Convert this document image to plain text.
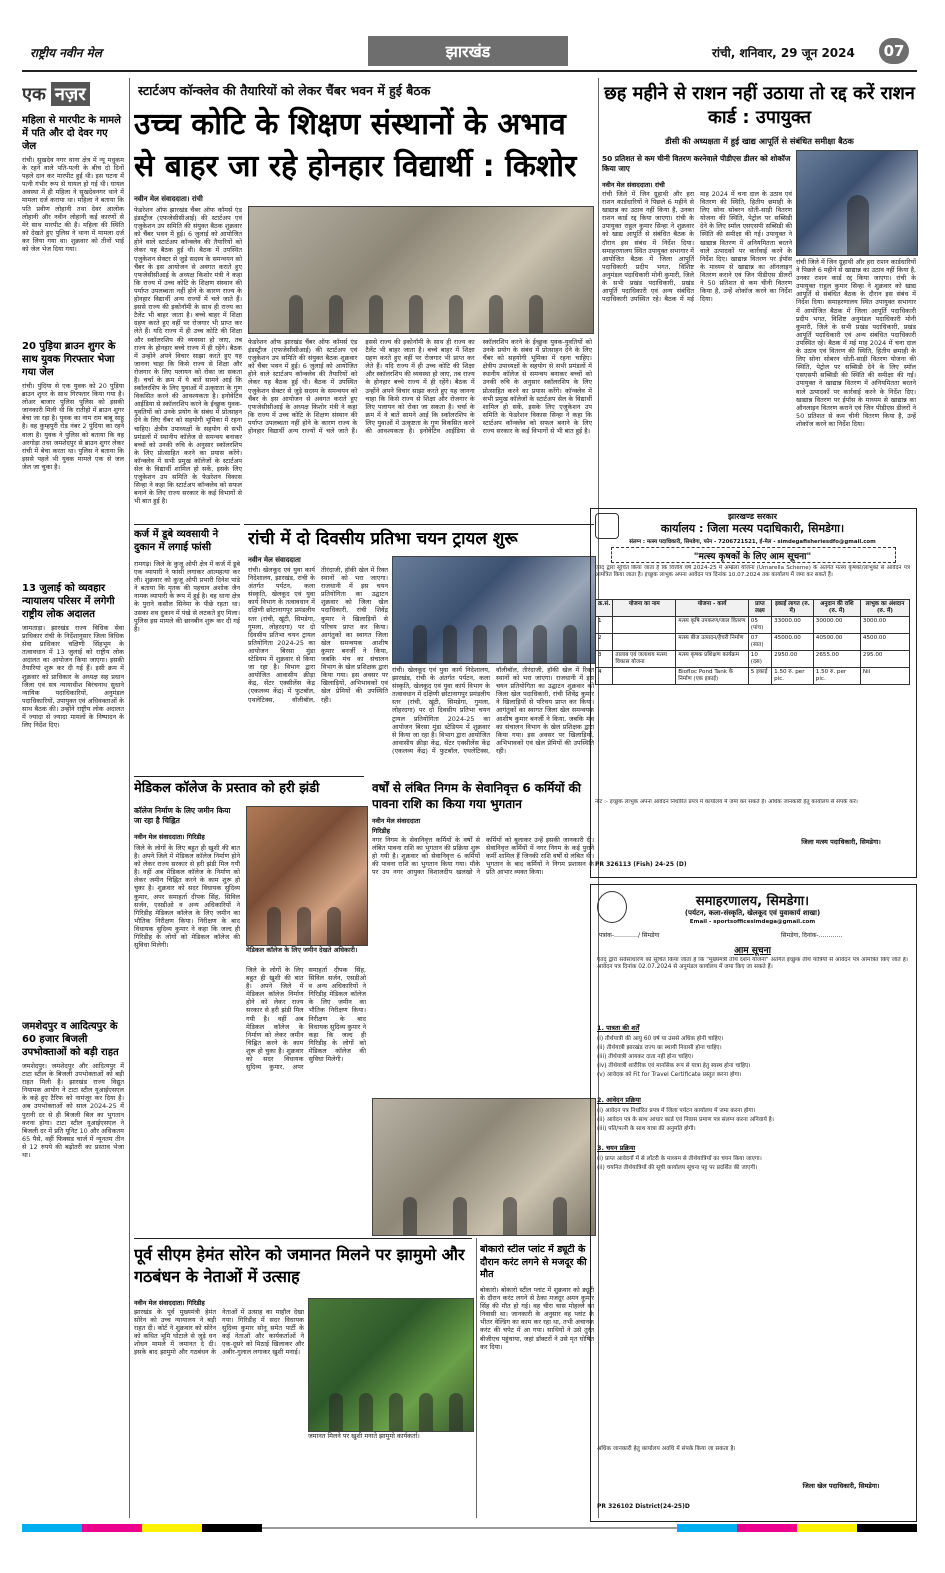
राष्ट्रीय नवीन मेल	झारखंड	रांची, शनिवार, 29 जून 2024	07
एक नज़र
महिला से मारपीट के मामले में पति और दो देवर गए जेल
रांची। सुखदेव नगर थाना क्षेत्र में न्यू मधुकम के रहने वाले पति-पत्नी के बीच दो दिनों पहले दान कर मारपीट हुई थी। इस घटना में पत्नी गंभीर रूप से घायल हो गई थी। घायल अवस्था में ही महिला ने सुखदेवनगर थाने में मामला दर्ज कराया था। महिला ने बताया कि पति प्रवीण लोहानी तथा देवर आलोक लोहानी और नवीन लोहानी कई कारणों से मेरे साथ मारपीट की है। महिला की स्थिति को देखते हुए पुलिस ने थाना में मामला दर्ज कर लिया गया था। शुक्रवार को तीनों भाई को जेल भेज दिया गया।
20 पुड़िया ब्राउन शुगर के साथ युवक गिरफ्तार भेजा गया जेल
रांची। पुंदिया से एक युवक को 20 पुड़िया ब्राउन शुगर के साथ गिरफ्तार किया गया है। लोअर बाजार पुलिस पुलिस को इसकी जानकारी मिली थी कि रातीहो में ब्राउन शुगर बेचा जा रहा है। युवक का नाम राम बाबू साहू है। वह कुम्हपुरी रोड नंबर 2 पुंदिया का रहने वाला है। युवक ने पुलिस को बताया कि वह अरगोड़ा तथा जमशेदपुर से ब्राउन शुगर लेकर रांची में बेचा करता था। पुलिस ने बताया कि इससे पहले भी युवक मामले एक से जल जेल जा चुका है।
13 जुलाई को व्यवहार न्यायालय परिसर में लगेगी राष्ट्रीय लोक अदालत
जामताड़ा। झारखंड राज्य विधिक सेवा प्राधिकार रांची के निर्देशानुसार जिला विधिक सेवा प्राधिकार चक्षिणी सिंहभूम के तत्वावधान में 13 जुलाई को राष्ट्रीय लोक अदालत का आयोजन किया जाएगा। इसकी तैयारियां शुरू कर दी गई हैं। इसी क्रम में शुक्रवार को प्राधिकार के अध्यक्ष सह प्रधान जिला एवं सत्र न्यायाधीश बिरंचनाथ सुधाने न्यायिक पदाधिकारियों, अनुमंडल पदाधिकारियों, उपायुक्त एवं अधिवक्ताओं के साथ बैठक की। उन्होंने राष्ट्रीय लोक अदालत में ज्यादा से ज्यादा मामलों के निष्पादन के लिए निर्देश दिए।
जमशेदपुर व आदित्यपुर के 60 हजार बिजली उपभोक्ताओं को बड़ी राहत
जमशेदपुर। जमशेदपुर और आदित्यपुर में टाटा स्टील के बिजली उपभोक्ताओं को बड़ी राहत मिली है। झारखंड राज्य विद्युत नियामक आयोग ने टाटा स्टील यूआईएसएल के कहे हुए टैरिफ को नामंजूर कर दिया है। अब उपभोक्ताओं को साल 2024-25 में पुरानी दर से ही बिजली बिल का भुगतान करना होगा। टाटा स्टील यूआईएसएल ने बिजली दर में प्रति यूनिट 10 और अधिकतम 65 पैसे, वहीं फिक्सड चार्ज में न्यूनतम तीन से 12 रुपये की बढ़ोतरी का प्रस्ताव भेजा था।
स्टार्टअप कॉन्क्लेव की तैयारियों को लेकर चैंबर भवन में हुई बैठक
उच्च कोटि के शिक्षण संस्थानों के अभाव से बाहर जा रहे होनहार विद्यार्थी : किशोर
नवीन मेल संवाददाता। रांची
फेडरेशन ऑफ झारखंड चैंबर ऑफ कॉमर्स एंड इंडस्ट्रीज (एफजेसीसीआई) की स्टार्टअप एवं एजुकेशन उप समिति की संयुक्त बैठक शुक्रवार को चैंबर भवन में हुई। 6 जुलाई को आयोजित होने वाले स्टार्टअप कॉन्क्लेव की तैयारियों को लेकर यह बैठक हुई थी। बैठक में उपस्थित एजुकेशन सेक्टर से जुड़े सदस्य के समन्वयन को चैंबर के इस आयोजन से अवगत कराते हुए एफजेसीसीआई के अध्यक्ष किशोर मंत्री ने कहा कि राज्य में उच्च कोटि के शिक्षण संस्थान की पर्याप्त उपलब्धता नहीं होने के कारण राज्य के होनहार विद्यार्थी अन्य राज्यों में चले जाते हैं। इससे राज्य की इकोनॉमी के साथ ही राज्य का टैलेंट भी बाहर जाता है। बच्चे बाहर में शिक्षा ग्रहण करते हुए वहीं पर रोजगार भी प्राप्त कर लेते हैं। यदि राज्य में ही उच्च कोटि की शिक्षा और स्कॉलरशिप की व्यवस्था हो जाए, तब राज्य के होनहार बच्चे राज्य में ही रहेंगे। बैठक में उन्होंने अपने विचार साझा करते हुए यह जानना चाहा कि किसे राज्य से शिक्षा और रोजगार के लिए पलायन को रोका जा सकता है। चर्चा के क्रम में ये बातें सामने आई कि स्कॉलरशिप के लिए युवाओं में उत्कृष्टता के गुण विकसित करने की आवश्यकता है। इनोवेटिव आईडिया से स्कॉलरशिप करने के ईच्छुक युवक-युवतियों को उनके प्रयोग के संबंध में प्रोत्साहन देने के लिए चैंबर को सहयोगी भूमिका में रहना चाहिए। क्षेत्रीय उपाध्यक्षों के सहयोग से सभी प्रमंडलों में स्थानीय कॉलेज से समन्वय बनाकर बच्चों को उनकी रुचि के अनुसार स्कॉलरशिप के लिए प्रोत्साहित करने का प्रयास करेंगे। कॉन्क्लेव में सभी प्रमुख कॉलेजों के स्टार्टअप सेल के विद्यार्थी शामिल हो सकें, इसके लिए एजुकेशन उप समिति के फेडरेशन विकास सिन्हा ने कहा कि स्टार्टअप कॉन्क्लेव को सफल बनाने के लिए राज्य सरकार के कई विभागों से भी बात हुई है।
फेडरेशन ऑफ झारखंड चैंबर ऑफ कॉमर्स एंड इंडस्ट्रीज (एफजेसीसीआई) की स्टार्टअप एवं एजुकेशन उप समिति की संयुक्त बैठक शुक्रवार को चैंबर भवन में हुई। 6 जुलाई को आयोजित होने वाले स्टार्टअप कॉन्क्लेव की तैयारियों को लेकर यह बैठक हुई थी। बैठक में उपस्थित एजुकेशन सेक्टर से जुड़े सदस्य के समन्वयन को चैंबर के इस आयोजन से अवगत कराते हुए एफजेसीसीआई के अध्यक्ष किशोर मंत्री ने कहा कि राज्य में उच्च कोटि के शिक्षण संस्थान की पर्याप्त उपलब्धता नहीं होने के कारण राज्य के होनहार विद्यार्थी अन्य राज्यों में चले जाते हैं। इससे राज्य की इकोनॉमी के साथ ही राज्य का टैलेंट भी बाहर जाता है। बच्चे बाहर में शिक्षा ग्रहण करते हुए वहीं पर रोजगार भी प्राप्त कर लेते हैं। यदि राज्य में ही उच्च कोटि की शिक्षा और स्कॉलरशिप की व्यवस्था हो जाए, तब राज्य के होनहार बच्चे राज्य में ही रहेंगे। बैठक में उन्होंने अपने विचार साझा करते हुए यह जानना चाहा कि किसे राज्य से शिक्षा और रोजगार के लिए पलायन को रोका जा सकता है। चर्चा के क्रम में ये बातें सामने आई कि स्कॉलरशिप के लिए युवाओं में उत्कृष्टता के गुण विकसित करने की आवश्यकता है। इनोवेटिव आईडिया से स्कॉलरशिप करने के ईच्छुक युवक-युवतियों को उनके प्रयोग के संबंध में प्रोत्साहन देने के लिए चैंबर को सहयोगी भूमिका में रहना चाहिए। क्षेत्रीय उपाध्यक्षों के सहयोग से सभी प्रमंडलों में स्थानीय कॉलेज से समन्वय बनाकर बच्चों को उनकी रुचि के अनुसार स्कॉलरशिप के लिए प्रोत्साहित करने का प्रयास करेंगे। कॉन्क्लेव में सभी प्रमुख कॉलेजों के स्टार्टअप सेल के विद्यार्थी शामिल हो सकें, इसके लिए एजुकेशन उप समिति के फेडरेशन विकास सिन्हा ने कहा कि स्टार्टअप कॉन्क्लेव को सफल बनाने के लिए राज्य सरकार के कई विभागों से भी बात हुई है।
कर्ज में डूबे व्यवसायी ने दुकान में लगाई फांसी
रामगढ़। जिले के कुजू ओपी क्षेत्र में कर्ज में डूबे एक व्यापारी ने फांसी लगाकर आत्महत्या कर ली। शुक्रवार को कुजू ओपी प्रभारी दिनेश पांडे ने बताया कि मृतक की पहचान अशोक जैन नामक व्यापारी के रूप में हुई है। वह थाना क्षेत्र के पुराने कसौल सिनेमा के पीछे रहता था। उसका शव दुकान में पंखे से लटकते हुए मिला। पुलिस इस मामले की छानबीन शुरू कर दी गई है।
रांची में दो दिवसीय प्रतिभा चयन ट्रायल शुरू
नवीन मेल संवाददाता
रांची। खेलकूद एवं युवा कार्य निदेशालय, झारखंड, रांची के अंतर्गत पर्यटन, कला संस्कृति, खेलकूद एवं युवा कार्य विभाग के तत्वावधान में दक्षिणी छोटानागपुर प्रमंडलीय स्तर (रांची, खूंटी, सिमडेगा, गुमला, लोहरदगा) पर दो दिवसीय प्रतिभा चयन ट्रायल प्रतियोगिता 2024-25 का आयोजन बिरसा मुंडा स्टेडियम में शुक्रवार से किया जा रहा है। विभाग द्वारा आयोजित आवासीय क्रीड़ा केंद्र, सेंटर एक्सीलेंस केंद्र (एकलव्य केंद्र) में फुटबॉल, एथलेटिक्स, वॉलीबॉल, तीरंदाजी, हॉकी खेल में रिक्त स्थानों को भरा जाएगा। राजधानी में इस चयन प्रतियोगिता का उद्घाटन शुक्रवार को जिला खेल पदाधिकारी, रांची शिवेंद्र कुमार ने खिलाड़ियों से परिचय प्राप्त कर किया। आगंतुकों का स्वागत जिला खेल समन्वयक आशीष कुमार बनर्जी ने किया, जबकि मंच का संचालन विभाग के खेल प्रशिक्षक द्वारा किया गया। इस अवसर पर खिलाड़ियों, अभिभावकों एवं खेल प्रेमियों की उपस्थिति रही।
रांची। खेलकूद एवं युवा कार्य निदेशालय, झारखंड, रांची के अंतर्गत पर्यटन, कला संस्कृति, खेलकूद एवं युवा कार्य विभाग के तत्वावधान में दक्षिणी छोटानागपुर प्रमंडलीय स्तर (रांची, खूंटी, सिमडेगा, गुमला, लोहरदगा) पर दो दिवसीय प्रतिभा चयन ट्रायल प्रतियोगिता 2024-25 का आयोजन बिरसा मुंडा स्टेडियम में शुक्रवार से किया जा रहा है। विभाग द्वारा आयोजित आवासीय क्रीड़ा केंद्र, सेंटर एक्सीलेंस केंद्र (एकलव्य केंद्र) में फुटबॉल, एथलेटिक्स, वॉलीबॉल, तीरंदाजी, हॉकी खेल में रिक्त स्थानों को भरा जाएगा। राजधानी में इस चयन प्रतियोगिता का उद्घाटन शुक्रवार को जिला खेल पदाधिकारी, रांची शिवेंद्र कुमार ने खिलाड़ियों से परिचय प्राप्त कर किया। आगंतुकों का स्वागत जिला खेल समन्वयक आशीष कुमार बनर्जी ने किया, जबकि मंच का संचालन विभाग के खेल प्रशिक्षक द्वारा किया गया। इस अवसर पर खिलाड़ियों, अभिभावकों एवं खेल प्रेमियों की उपस्थिति रही।
मेडिकल कॉलेज के प्रस्ताव को हरी झंडी
कॉलेज निर्माण के लिए जमीन किया जा रहा है चिह्नित
नवीन मेल संवाददाता। गिरिडीह
जिले के लोगों के लिए बहुत ही खुशी की बात है। अपने जिले में मेडिकल कॉलेज निर्माण होने को लेकर राज्य सरकार से हरी झंडी मिल गयी है। वहीं अब मेडिकल कॉलेज के निर्माण को लेकर जमीन चिह्नित करने के काम शुरू हो चुका है। शुक्रवार को सदर विधायक सुदिव्य कुमार, अपर समाहर्ता दीपक सिंह, सिविल सर्जन, एसडीओ व अन्य अधिकारियों ने गिरिडीह मेडिकल कॉलेज के लिए जमीन का भौतिक निरीक्षण किया। निरीक्षण के बाद विधायक सुदिव्य कुमार ने कहा कि जल्द ही गिरिडीह के लोगों को मेडिकल कॉलेज की सुविधा मिलेगी।
मेडिकल कॉलेज के लिए जमीन देखते अधिकारी।
जिले के लोगों के लिए बहुत ही खुशी की बात है। अपने जिले में मेडिकल कॉलेज निर्माण होने को लेकर राज्य सरकार से हरी झंडी मिल गयी है। वहीं अब मेडिकल कॉलेज के निर्माण को लेकर जमीन चिह्नित करने के काम शुरू हो चुका है। शुक्रवार को सदर विधायक सुदिव्य कुमार, अपर समाहर्ता दीपक सिंह, सिविल सर्जन, एसडीओ व अन्य अधिकारियों ने गिरिडीह मेडिकल कॉलेज के लिए जमीन का भौतिक निरीक्षण किया। निरीक्षण के बाद विधायक सुदिव्य कुमार ने कहा कि जल्द ही गिरिडीह के लोगों को मेडिकल कॉलेज की सुविधा मिलेगी।
वर्षों से लंबित निगम के सेवानिवृत्त 6 कर्मियों की पावना राशि का किया गया भुगतान
नवीन मेल संवाददाता
गिरिडीह
नगर निगम के सेवानिवृत्त कर्मियों के वर्षों से लंबित पावना राशि का भुगतान की प्रक्रिया शुरू हो गयी है। शुक्रवार को सेवानिवृत्त 6 कर्मियों की पावना राशि का भुगतान किया गया। मौके पर उप नगर आयुक्त विशालदीप खलखो ने कर्मियों को बुलाकर उन्हें इसकी जानकारी दी। सेवानिवृत्त कर्मियों में नगर निगम के कई पुराने कर्मी शामिल हैं जिनकी राशि वर्षों से लंबित थी। भुगतान के बाद कर्मियों ने निगम प्रशासन के प्रति आभार व्यक्त किया।
पूर्व सीएम हेमंत सोरेन को जमानत मिलने पर झामुमो और गठबंधन के नेताओं में उत्साह
नवीन मेल संवाददाता। गिरिडीह
झारखंड के पूर्व मुख्यमंत्री हेमंत सोरेन को उच्च न्यायालय ने बड़ी राहत दी। कोर्ट ने शुक्रवार को सोरेन को कथित भूमि घोटाले से जुड़े धन शोधन मामले में जमानत दे दी। इसके बाद झामुमो और गठबंधन के नेताओं में उत्साह का माहौल देखा गया। गिरिडीह में सदर विधायक सुदिव्य कुमार सोनू समेत पार्टी के कई नेताओं और कार्यकर्ताओं ने एक-दूसरे को मिठाई खिलाकर और अबीर-गुलाल लगाकर खुशी मनाई।
जमानत मिलने पर खुशी मनाते झामुमो कार्यकर्ता।
बोकारो स्टील प्लांट में ड्यूटी के दौरान करंट लगने से मजदूर की मौत
बोकारो। बोकारो स्टील प्लांट में शुक्रवार को ड्यूटी के दौरान करंट लगने से ठेका मजदूर अमन कुमार सिंह की मौत हो गई। वह चीरा चास मोहल्ले का निवासी था। जानकारी के अनुसार वह प्लांट के भीतर वेल्डिंग का काम कर रहा था, तभी अचानक करंट की चपेट में आ गया। साथियों ने उसे तुरंत बीजीएच पहुंचाया, जहां डॉक्टरों ने उसे मृत घोषित कर दिया।
छह महीने से राशन नहीं उठाया तो रद्द करें राशन कार्ड : उपायुक्त
डीसी की अध्यक्षता में हुई खाद्य आपूर्ति से संबंधित समीक्षा बैठक
50 प्रतिशत से कम चीनी वितरण करनेवाले पीडीएस डीलर को शोकॉज किया जाए
नवीन मेल संवाददाता। रांची
रांची जिले में जिन ग्रुहाथी और हरा राशन कार्डधारियों ने पिछले 6 महीने से खाद्यान्न का उठाव नहीं किया है, उनका राशन कार्ड रद्द किया जाएगा। रांची के उपायुक्त राहुल कुमार सिन्हा ने शुक्रवार को खाद्य आपूर्ति से संबंधित बैठक के दौरान इस संबंध में निर्देश दिया। समाहरणालय स्थित उपायुक्त सभागार में आयोजित बैठक में जिला आपूर्ति पदाधिकारी प्रदीप भगत, विशिष्ट अनुमंडल पदाधिकारी मोनी कुमारी, जिले के सभी प्रखंड पदाधिकारी, प्रखंड आपूर्ति पदाधिकारी एवं अन्य संबंधित पदाधिकारी उपस्थित रहे। बैठक में मई माह 2024 में चना दाल के उठाव एवं वितरण की स्थिति, हितीय छमाही के लिए सोना सोबरन धोती-साड़ी वितरण योजना की स्थिति, पेट्रोल पर सब्सिडी देने के लिए स्मॉल एसएसपी सब्सिडी की स्थिति की समीक्षा की गई। उपायुक्त ने खाद्यान्न वितरण में अनियमितता बरतने वाले उत्पादकों पर कार्रवाई करने के निर्देश दिए। खाद्यान्न वितरण पर ईपॉस के माध्यम से खाद्यान्न का ऑनलाइन वितरण कराने एवं जिन पीडीएस डीलरों ने 50 प्रतिशत से कम चीनी वितरण किया है, उन्हें शोकॉज करने का निर्देश दिया।
रांची जिले में जिन ग्रुहाथी और हरा राशन कार्डधारियों ने पिछले 6 महीने से खाद्यान्न का उठाव नहीं किया है, उनका राशन कार्ड रद्द किया जाएगा। रांची के उपायुक्त राहुल कुमार सिन्हा ने शुक्रवार को खाद्य आपूर्ति से संबंधित बैठक के दौरान इस संबंध में निर्देश दिया। समाहरणालय स्थित उपायुक्त सभागार में आयोजित बैठक में जिला आपूर्ति पदाधिकारी प्रदीप भगत, विशिष्ट अनुमंडल पदाधिकारी मोनी कुमारी, जिले के सभी प्रखंड पदाधिकारी, प्रखंड आपूर्ति पदाधिकारी एवं अन्य संबंधित पदाधिकारी उपस्थित रहे। बैठक में मई माह 2024 में चना दाल के उठाव एवं वितरण की स्थिति, हितीय छमाही के लिए सोना सोबरन धोती-साड़ी वितरण योजना की स्थिति, पेट्रोल पर सब्सिडी देने के लिए स्मॉल एसएसपी सब्सिडी की स्थिति की समीक्षा की गई। उपायुक्त ने खाद्यान्न वितरण में अनियमितता बरतने वाले उत्पादकों पर कार्रवाई करने के निर्देश दिए। खाद्यान्न वितरण पर ईपॉस के माध्यम से खाद्यान्न का ऑनलाइन वितरण कराने एवं जिन पीडीएस डीलरों ने 50 प्रतिशत से कम चीनी वितरण किया है, उन्हें शोकॉज करने का निर्देश दिया।
झारखण्ड सरकार
कार्यालय : जिला मत्स्य पदाधिकारी, सिमडेगा।
संलग्न : मत्स्य पदाधिकारी, सिमडेगा, फोन - 7206721521, ई-मेल - simdegafisheriesdfo@gmail.com
"मत्स्य कृषकों के लिए आम सूचना"
एतद् द्वारा सूचित किया जाता है कि वित्तीय वर्ष 2024-25 में अम्ब्रेला योजना (Umarella Scheme) के अंतर्गत मत्स्य कृषकों/लाभुकों से आवेदन पत्र आमंत्रित किया जाता है। इच्छुक लाभुक अपना आवेदन पत्र दिनांक 10.07.2024 तक कार्यालय में जमा कर सकते हैं।
क्र.सं.	योजना का नाम	योजना - कार्य	प्राप्त लक्ष्य	इकाई लागत (रु. में)	अनुदान की राशि (रु. में)	लाभुक का अंशदान (रु. में)
1		मत्स्य कृषि उपकरण/जाल वितरण	05 (पांच)	33000.00	30000.00	3000.00
2		मत्स्य बीज उत्पादन/हैचरी निर्माण	07 (सात)	45000.00	40500.00	4500.00
3	तालाब एवं जलाशय मत्स्य विकास योजना	मत्स्य कृषक प्रशिक्षण कार्यक्रम	10 (दस)	2950.00	2655.00	295.00
4		Biofloc Pond Tank के निर्माण (एक इकाई)	5 इकाई	1.50 रु. per pic.	1.50 रु. per pic.	Nil
नोट :- इच्छुक लाभुक अपना आवेदन निर्धारित प्रपत्र में कार्यालय में जमा कर सकते हैं। अधिक जानकारी हेतु कार्यालय से संपर्क करें।
जिला मत्स्य पदाधिकारी, सिमडेगा।
PR 326113 (Fish) 24-25 (D)
समाहरणालय, सिमडेगा।
(पर्यटन, कला-संस्कृति, खेलकूद एवं युवाकार्य शाखा)
Email - sportsofficesimdega@gmail.com
पत्रांक-…………/ सिमडेगा	सिमडेगा, दिनांक-…………
आम सूचना
एतद् द्वारा सर्वसाधारण को सूचित किया जाता है कि "मुख्यमंत्री तीर्थ दर्शन योजना" अंतर्गत इच्छुक तीर्थ यात्रियों से आवेदन पत्र आमंत्रित किए जाते हैं। आवेदन पत्र दिनांक 02.07.2024 से अनुमंडल कार्यालय में जमा किए जा सकते हैं।
1. पात्रता की शर्तें
(i) तीर्थयात्री की आयु 60 वर्ष या उससे अधिक होनी चाहिए।
(ii) तीर्थयात्री झारखंड राज्य का स्थायी निवासी होना चाहिए।
(iii) तीर्थयात्री आयकर दाता नहीं होना चाहिए।
(iv) तीर्थयात्री शारीरिक एवं मानसिक रूप से यात्रा हेतु स्वस्थ होना चाहिए।
(v) आवेदक को Fit for Travel Certificate प्रस्तुत करना होगा।
2. आवेदन प्रक्रिया
(i) आवेदन पत्र निर्धारित प्रपत्र में जिला पर्यटन कार्यालय में जमा करना होगा।
(ii) आवेदन पत्र के साथ आधार कार्ड एवं निवास प्रमाण पत्र संलग्न करना अनिवार्य है।
(iii) पति/पत्नी के साथ यात्रा की अनुमति होगी।
3. चयन प्रक्रिया
(i) प्राप्त आवेदनों में से लॉटरी के माध्यम से तीर्थयात्रियों का चयन किया जाएगा।
(ii) चयनित तीर्थयात्रियों की सूची कार्यालय सूचना पट्ट पर प्रदर्शित की जाएगी।
अधिक जानकारी हेतु कार्यालय अवधि में संपर्क किया जा सकता है।
जिला खेल पदाधिकारी, सिमडेगा।
PR 326102 District(24-25)D
